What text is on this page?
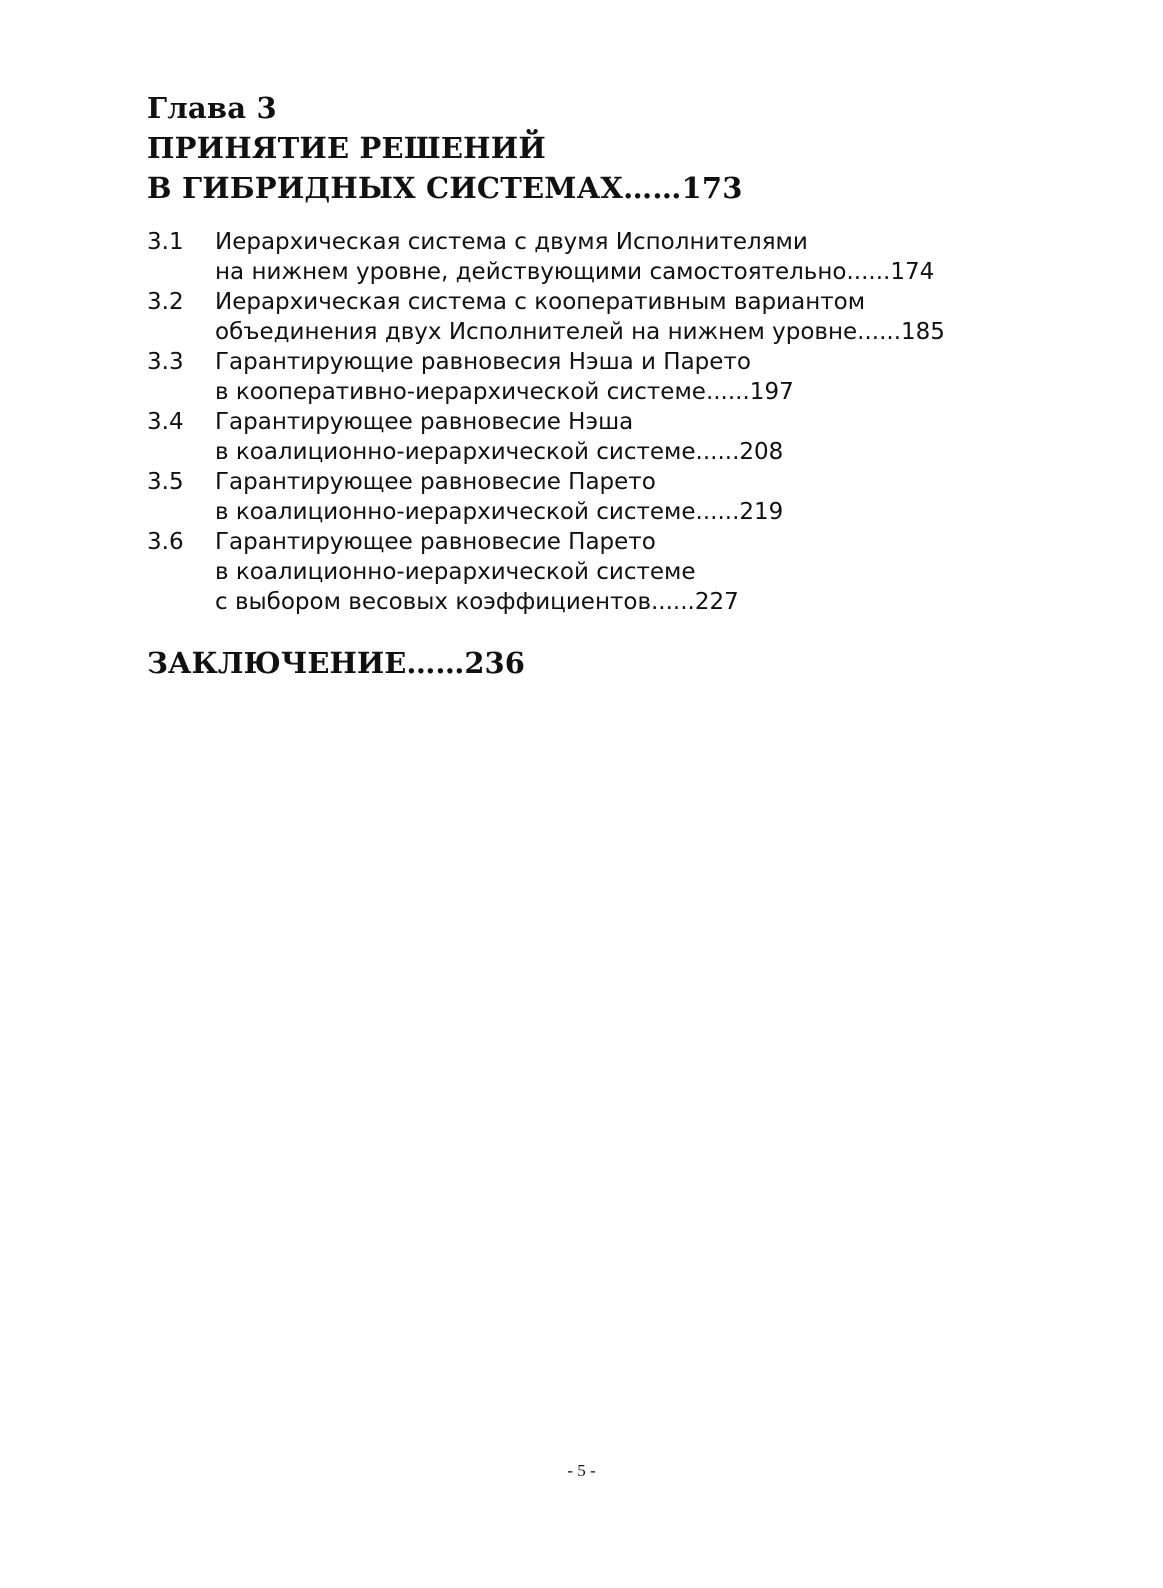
Глава 3
ПРИНЯТИЕ РЕШЕНИЙ
В ГИБРИДНЫХ СИСТЕМАХ……173
3.1	Иерархическая система с двумя Исполнителями
на нижнем уровне, действующими самостоятельно......174
3.2	Иерархическая система с кооперативным вариантом
объединения двух Исполнителей на нижнем уровне......185
3.3	Гарантирующие равновесия Нэша и Парето
в кооперативно-иерархической системе......197
3.4	Гарантирующее равновесие Нэша
в коалиционно-иерархической системе......208
3.5	Гарантирующее равновесие Парето
в коалиционно-иерархической системе......219
3.6	Гарантирующее равновесие Парето
в коалиционно-иерархической системе
с выбором весовых коэффициентов......227
ЗАКЛЮЧЕНИЕ……236
- 5 -
